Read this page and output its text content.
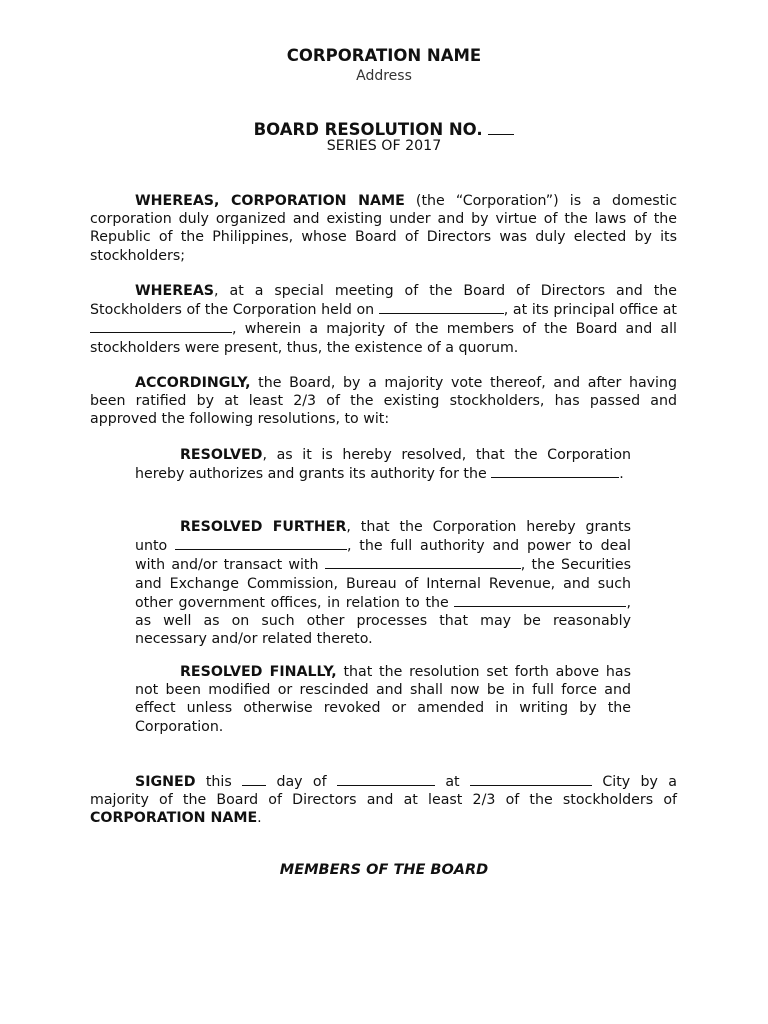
CORPORATION NAME
Address
BOARD RESOLUTION NO.
SERIES OF 2017
WHEREAS, CORPORATION NAME (the “Corporation”) is a domestic corporation duly organized and existing under and by virtue of the laws of the Republic of the Philippines, whose Board of Directors was duly elected by its stockholders;
WHEREAS, at a special meeting of the Board of Directors and the Stockholders of the Corporation held on	, at its principal office at , wherein a majority of the members of the Board and all stockholders were present, thus, the existence of a quorum.
ACCORDINGLY, the Board, by a majority vote thereof, and after having been ratified by at least 2/3 of the existing stockholders, has passed and approved the following resolutions, to wit:
RESOLVED, as it is hereby resolved, that the Corporation hereby authorizes and grants its authority for the	.
RESOLVED FURTHER, that the Corporation hereby grants unto	, the full authority and power to deal with and/or transact with	, the Securities and Exchange Commission, Bureau of Internal Revenue, and such other government offices, in relation to the	, as well as on such other processes that may be reasonably necessary and/or related thereto.
RESOLVED FINALLY, that the resolution set forth above has not been modified or rescinded and shall now be in full force and effect unless otherwise revoked or amended in writing by the Corporation.
SIGNED this  day of	at	City by a majority of the Board of Directors and at least 2/3 of the stockholders of CORPORATION NAME.
MEMBERS OF THE BOARD
